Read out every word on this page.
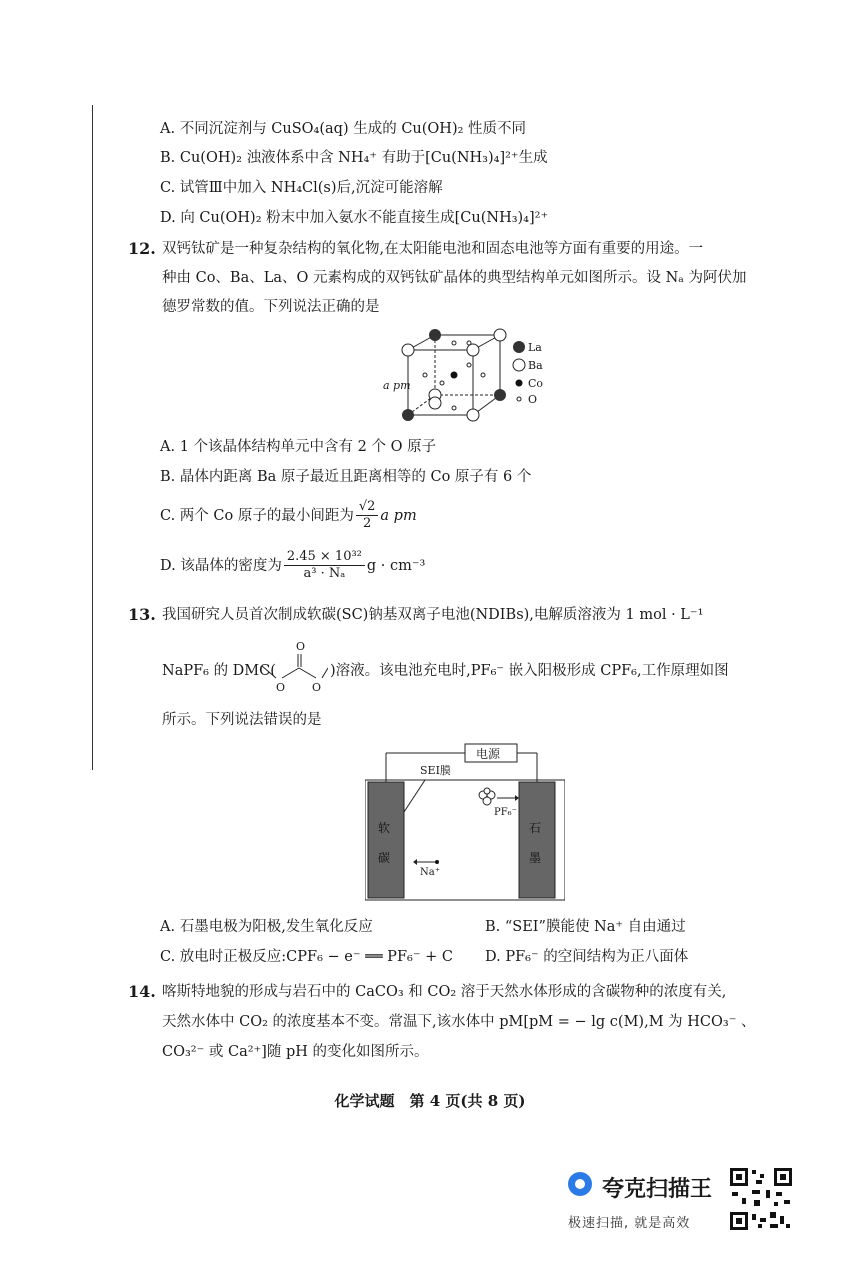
A. 不同沉淀剂与 CuSO₄(aq) 生成的 Cu(OH)₂ 性质不同
B. Cu(OH)₂ 浊液体系中含 NH₄⁺ 有助于[Cu(NH₃)₄]²⁺生成
C. 试管Ⅲ中加入 NH₄Cl(s)后,沉淀可能溶解
D. 向 Cu(OH)₂ 粉末中加入氨水不能直接生成[Cu(NH₃)₄]²⁺
12. 双钙钛矿是一种复杂结构的氧化物,在太阳能电池和固态电池等方面有重要的用途。一
种由 Co、Ba、La、O 元素构成的双钙钛矿晶体的典型结构单元如图所示。设 Nₐ 为阿伏加
德罗常数的值。下列说法正确的是
a pm
La
Ba
Co
O
A. 1 个该晶体结构单元中含有 2 个 O 原子
B. 晶体内距离 Ba 原子最近且距离相等的 Co 原子有 6 个
C. 两个 Co 原子的最小间距为 $\frac{√2}{2}$ a pm
D. 该晶体的密度为 $\frac{\text{2.45 × 10³²}}{\text{a³ · Nₐ}}$ g · cm⁻³
13. 我国研究人员首次制成软碳(SC)钠基双离子电池(NDIBs),电解质溶液为 1 mol · L⁻¹
O
O O
NaPF₆ 的 DMC(	)溶液。该电池充电时,PF₆⁻ 嵌入阳极形成 CPF₆,工作原理如图
所示。下列说法错误的是
电源
SEI膜
PF₆⁻
Na⁺
软
碳
石
墨
A. 石墨电极为阳极,发生氧化反应	B. “SEI”膜能使 Na⁺ 自由通过
C. 放电时正极反应:CPF₆ − e⁻ ══ PF₆⁻ + C D. PF₆⁻ 的空间结构为正八面体
14. 喀斯特地貌的形成与岩石中的 CaCO₃ 和 CO₂ 溶于天然水体形成的含碳物种的浓度有关,
天然水体中 CO₂ 的浓度基本不变。常温下,该水体中 pM[pM = − lg c(M),M 为 HCO₃⁻ 、
CO₃²⁻ 或 Ca²⁺]随 pH 的变化如图所示。
化学试题　第 4 页(共 8 页)
夸克扫描王
极速扫描, 就是高效
